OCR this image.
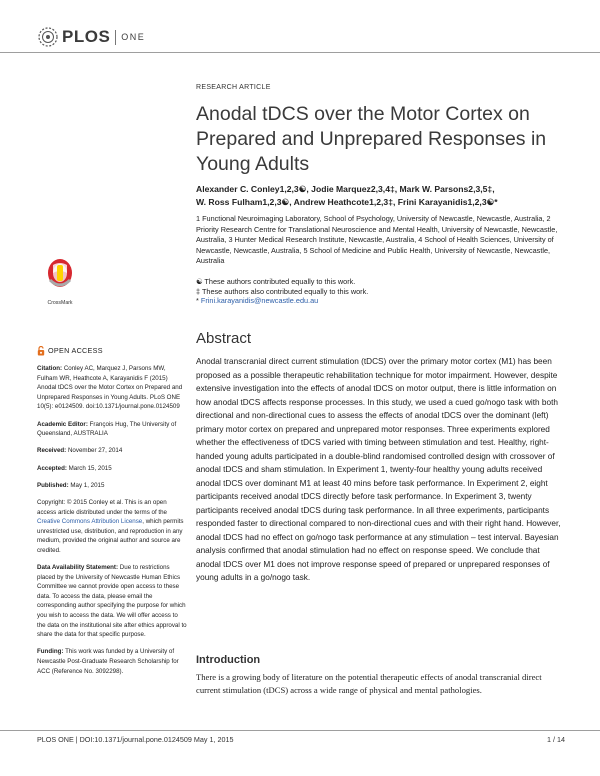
PLOS ONE
RESEARCH ARTICLE
Anodal tDCS over the Motor Cortex on Prepared and Unprepared Responses in Young Adults
Alexander C. Conley1,2,3☯, Jodie Marquez2,3,4‡, Mark W. Parsons2,3,5‡,
W. Ross Fulham1,2,3☯, Andrew Heathcote1,2,3‡, Frini Karayanidis1,2,3☯*
1 Functional Neuroimaging Laboratory, School of Psychology, University of Newcastle, Newcastle, Australia, 2 Priority Research Centre for Translational Neuroscience and Mental Health, University of Newcastle, Newcastle, Australia, 3 Hunter Medical Research Institute, Newcastle, Australia, 4 School of Health Sciences, University of Newcastle, Newcastle, Australia, 5 School of Medicine and Public Health, University of Newcastle, Newcastle, Australia
☯ These authors contributed equally to this work.
‡ These authors also contributed equally to this work.
* Frini.karayanidis@newcastle.edu.au
CrossMark
OPEN ACCESS

Citation: Conley AC, Marquez J, Parsons MW, Fulham WR, Heathcote A, Karayanidis F (2015) Anodal tDCS over the Motor Cortex on Prepared and Unprepared Responses in Young Adults. PLoS ONE 10(5): e0124509. doi:10.1371/journal.pone.0124509

Academic Editor: François Hug, The University of Queensland, AUSTRALIA

Received: November 27, 2014

Accepted: March 15, 2015

Published: May 1, 2015

Copyright: © 2015 Conley et al. This is an open access article distributed under the terms of the Creative Commons Attribution License, which permits unrestricted use, distribution, and reproduction in any medium, provided the original author and source are credited.

Data Availability Statement: Due to restrictions placed by the University of Newcastle Human Ethics Committee we cannot provide open access to these data. To access the data, please email the corresponding author specifying the purpose for which you wish to access the data. We will offer access to the data on the institutional site after ethics approval to share the data for that specific purpose.

Funding: This work was funded by a University of Newcastle Post-Graduate Research Scholarship for ACC (Reference No. 3092298).

Abstract
Anodal transcranial direct current stimulation (tDCS) over the primary motor cortex (M1) has been proposed as a possible therapeutic rehabilitation technique for motor impairment. However, despite extensive investigation into the effects of anodal tDCS on motor output, there is little information on how anodal tDCS affects response processes. In this study, we used a cued go/nogo task with both directional and non-directional cues to assess the effects of anodal tDCS over the dominant (left) primary motor cortex on prepared and unprepared motor responses. Three experiments explored whether the effectiveness of tDCS varied with timing between stimulation and test. Healthy, right-handed young adults participated in a double-blind randomised controlled design with crossover of anodal tDCS and sham stimulation. In Experiment 1, twenty-four healthy young adults received anodal tDCS over dominant M1 at least 40 mins before task performance. In Experiment 2, eight participants received anodal tDCS directly before task performance. In Experiment 3, twenty participants received anodal tDCS during task performance. In all three experiments, participants responded faster to directional compared to non-directional cues and with their right hand. However, anodal tDCS had no effect on go/nogo task performance at any stimulation – test interval. Bayesian analysis confirmed that anodal stimulation had no effect on response speed. We conclude that anodal tDCS over M1 does not improve response speed of prepared or unprepared responses of young adults in a go/nogo task.
Introduction
There is a growing body of literature on the potential therapeutic effects of anodal transcranial direct current stimulation (tDCS) across a wide range of physical and mental pathologies.
PLOS ONE | DOI:10.1371/journal.pone.0124509 May 1, 2015	1 / 14
